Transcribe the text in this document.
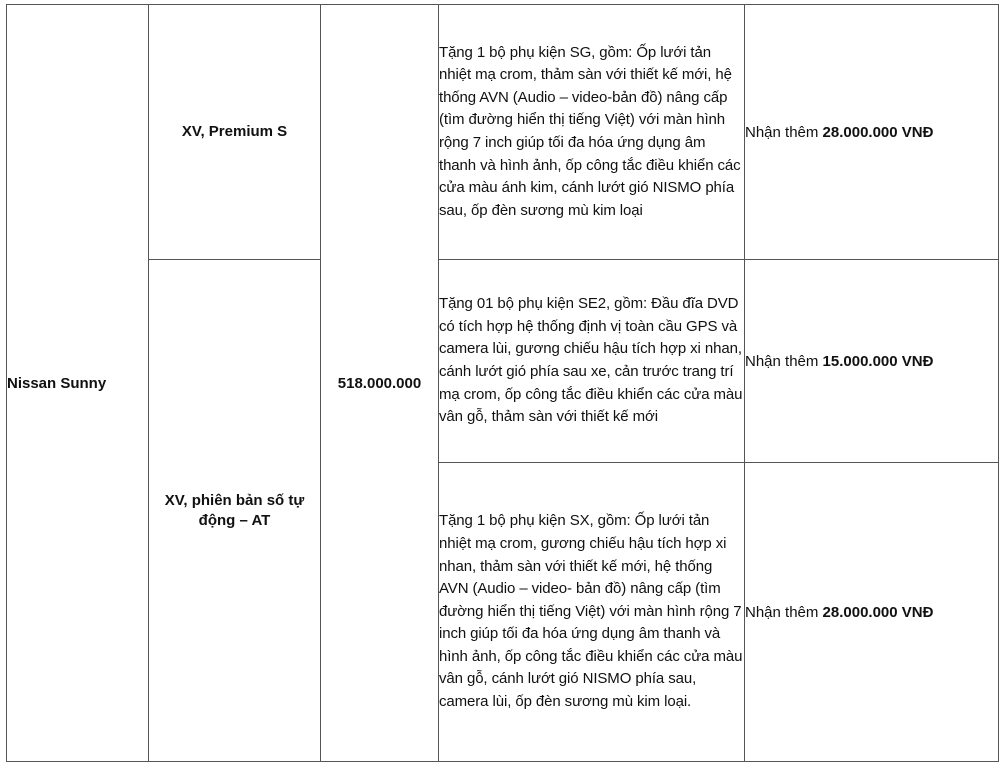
Nissan Sunny	XV, Premium S	518.000.000	Tặng 1 bộ phụ kiện SG, gồm: Ốp lưới tản nhiệt mạ crom, thảm sàn với thiết kế mới, hệ thống AVN (Audio – video-bản đồ) nâng cấp (tìm đường hiển thị tiếng Việt) với màn hình rộng 7 inch giúp tối đa hóa ứng dụng âm thanh và hình ảnh, ốp công tắc điều khiển các cửa màu ánh kim, cánh lướt gió NISMO phía sau, ốp đèn sương mù kim loại	Nhận thêm 28.000.000 VNĐ
	XV, phiên bản số tự động – AT		Tặng 01 bộ phụ kiện SE2, gồm: Đầu đĩa DVD có tích hợp hệ thống định vị toàn cầu GPS và camera lùi, gương chiếu hậu tích hợp xi nhan, cánh lướt gió phía sau xe, cản trước trang trí mạ crom, ốp công tắc điều khiển các cửa màu vân gỗ, thảm sàn với thiết kế mới	Nhận thêm 15.000.000 VNĐ
			Tặng 1 bộ phụ kiện SX, gồm: Ốp lưới tản nhiệt mạ crom, gương chiếu hậu tích hợp xi nhan, thảm sàn với thiết kế mới, hệ thống AVN (Audio – video- bản đồ) nâng cấp (tìm đường hiển thị tiếng Việt) với màn hình rộng 7 inch giúp tối đa hóa ứng dụng âm thanh và hình ảnh, ốp công tắc điều khiển các cửa màu vân gỗ, cánh lướt gió NISMO phía sau, camera lùi, ốp đèn sương mù kim loại.	Nhận thêm 28.000.000 VNĐ
